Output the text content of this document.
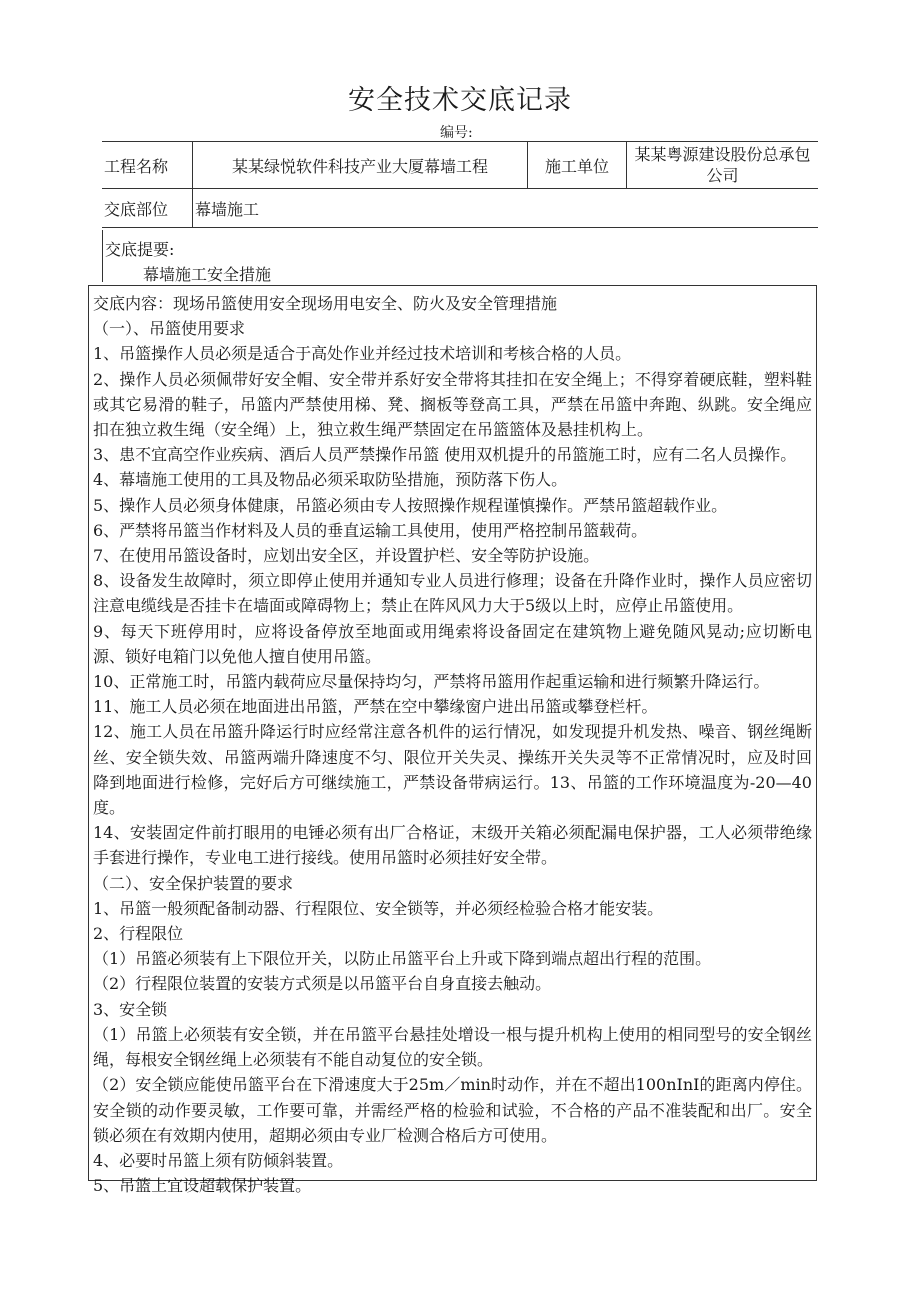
安全技术交底记录
编号:
工程名称	某某绿悦软件科技产业大厦幕墙工程	施工单位	某某粤源建设股份总承包公司
交底部位	幕墙施工		
交底提要:
幕墙施工安全措施

交底内容：现场吊篮使用安全现场用电安全、防火及安全管理措施

（一）、吊篮使用要求

1、吊篮操作人员必须是适合于高处作业并经过技术培训和考核合格的人员。

2、操作人员必须佩带好安全帽、安全带并系好安全带将其挂扣在安全绳上；不得穿着硬底鞋，塑料鞋或其它易滑的鞋子，吊篮内严禁使用梯、凳、搁板等登高工具，严禁在吊篮中奔跑、纵跳。安全绳应扣在独立救生绳（安全绳）上，独立救生绳严禁固定在吊篮篮体及悬挂机构上。

3、患不宜高空作业疾病、酒后人员严禁操作吊篮 使用双机提升的吊篮施工时，应有二名人员操作。

4、幕墙施工使用的工具及物品必须采取防坠措施，预防落下伤人。

5、操作人员必须身体健康，吊篮必须由专人按照操作规程谨慎操作。严禁吊篮超载作业。

6、严禁将吊篮当作材料及人员的垂直运输工具使用，使用严格控制吊篮载荷。

7、在使用吊篮设备时，应划出安全区，并设置护栏、安全等防护设施。

8、设备发生故障时，须立即停止使用并通知专业人员进行修理；设备在升降作业时，操作人员应密切注意电缆线是否挂卡在墙面或障碍物上；禁止在阵风风力大于5级以上时，应停止吊篮使用。

9、每天下班停用时，应将设备停放至地面或用绳索将设备固定在建筑物上避免随风晃动;应切断电源、锁好电箱门以免他人擅自使用吊篮。

10、正常施工时，吊篮内载荷应尽量保持均匀，严禁将吊篮用作起重运输和进行频繁升降运行。

11、施工人员必须在地面进出吊篮，严禁在空中攀缘窗户进出吊篮或攀登栏杆。

12、施工人员在吊篮升降运行时应经常注意各机件的运行情况，如发现提升机发热、噪音、钢丝绳断丝、安全锁失效、吊篮两端升降速度不匀、限位开关失灵、操练开关失灵等不正常情况时，应及时回降到地面进行检修，完好后方可继续施工，严禁设备带病运行。13、吊篮的工作环境温度为-20—40度。

14、安装固定件前打眼用的电锤必须有出厂合格证，末级开关箱必须配漏电保护器，工人必须带绝缘手套进行操作，专业电工进行接线。使用吊篮时必须挂好安全带。

（二）、安全保护装置的要求

1、吊篮一般须配备制动器、行程限位、安全锁等，并必须经检验合格才能安装。

2、行程限位

（1）吊篮必须装有上下限位开关，以防止吊篮平台上升或下降到端点超出行程的范围。

（2）行程限位装置的安装方式须是以吊篮平台自身直接去触动。

3、安全锁

（1）吊篮上必须装有安全锁，并在吊篮平台悬挂处增设一根与提升机构上使用的相同型号的安全钢丝绳，每根安全钢丝绳上必须装有不能自动复位的安全锁。

（2）安全锁应能使吊篮平台在下滑速度大于25m／min时动作，并在不超出100nInI的距离内停住。安全锁的动作要灵敏，工作要可靠，并需经严格的检验和试验，不合格的产品不准装配和出厂。安全锁必须在有效期内使用，超期必须由专业厂检测合格后方可使用。

4、必要时吊篮上须有防倾斜装置。

5、吊篮上宜设超载保护装置。
